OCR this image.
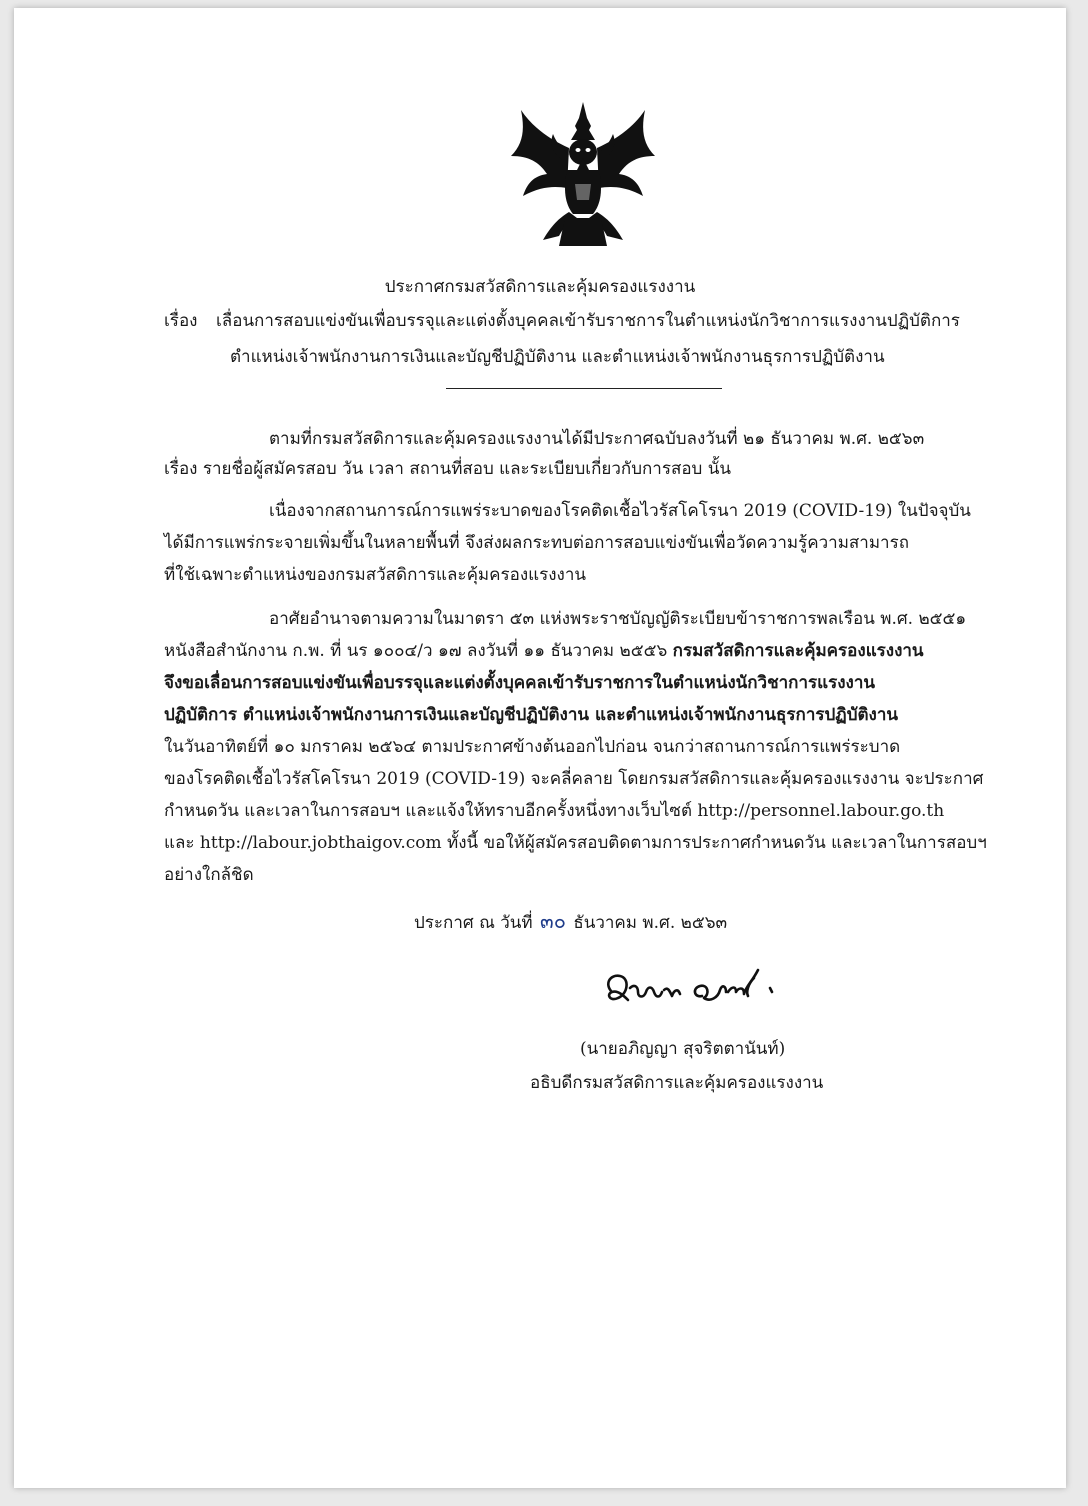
ประกาศกรมสวัสดิการและคุ้มครองแรงงาน
เรื่อง เลื่อนการสอบแข่งขันเพื่อบรรจุและแต่งตั้งบุคคลเข้ารับราชการในตำแหน่งนักวิชาการแรงงานปฏิบัติการ
ตำแหน่งเจ้าพนักงานการเงินและบัญชีปฏิบัติงาน และตำแหน่งเจ้าพนักงานธุรการปฏิบัติงาน
ตามที่กรมสวัสดิการและคุ้มครองแรงงานได้มีประกาศฉบับลงวันที่ ๒๑ ธันวาคม พ.ศ. ๒๕๖๓
เรื่อง รายชื่อผู้สมัครสอบ วัน เวลา สถานที่สอบ และระเบียบเกี่ยวกับการสอบ นั้น
เนื่องจากสถานการณ์การแพร่ระบาดของโรคติดเชื้อไวรัสโคโรนา 2019 (COVID-19) ในปัจจุบัน
ได้มีการแพร่กระจายเพิ่มขึ้นในหลายพื้นที่ จึงส่งผลกระทบต่อการสอบแข่งขันเพื่อวัดความรู้ความสามารถ
ที่ใช้เฉพาะตำแหน่งของกรมสวัสดิการและคุ้มครองแรงงาน
อาศัยอำนาจตามความในมาตรา ๕๓ แห่งพระราชบัญญัติระเบียบข้าราชการพลเรือน พ.ศ. ๒๕๕๑
หนังสือสำนักงาน ก.พ. ที่ นร ๑๐๐๔/ว ๑๗ ลงวันที่ ๑๑ ธันวาคม ๒๕๕๖ กรมสวัสดิการและคุ้มครองแรงงาน
จึงขอเลื่อนการสอบแข่งขันเพื่อบรรจุและแต่งตั้งบุคคลเข้ารับราชการในตำแหน่งนักวิชาการแรงงาน
ปฏิบัติการ ตำแหน่งเจ้าพนักงานการเงินและบัญชีปฏิบัติงาน และตำแหน่งเจ้าพนักงานธุรการปฏิบัติงาน
ในวันอาทิตย์ที่ ๑๐ มกราคม ๒๕๖๔ ตามประกาศข้างต้นออกไปก่อน จนกว่าสถานการณ์การแพร่ระบาด
ของโรคติดเชื้อไวรัสโคโรนา 2019 (COVID-19) จะคลี่คลาย โดยกรมสวัสดิการและคุ้มครองแรงงาน จะประกาศ
กำหนดวัน และเวลาในการสอบฯ และแจ้งให้ทราบอีกครั้งหนึ่งทางเว็บไซต์ http://personnel.labour.go.th
และ http://labour.jobthaigov.com ทั้งนี้ ขอให้ผู้สมัครสอบติดตามการประกาศกำหนดวัน และเวลาในการสอบฯ
อย่างใกล้ชิด
ประกาศ ณ วันที่ ๓๐ ธันวาคม พ.ศ. ๒๕๖๓
(นายอภิญญา สุจริตตานันท์)
อธิบดีกรมสวัสดิการและคุ้มครองแรงงาน
